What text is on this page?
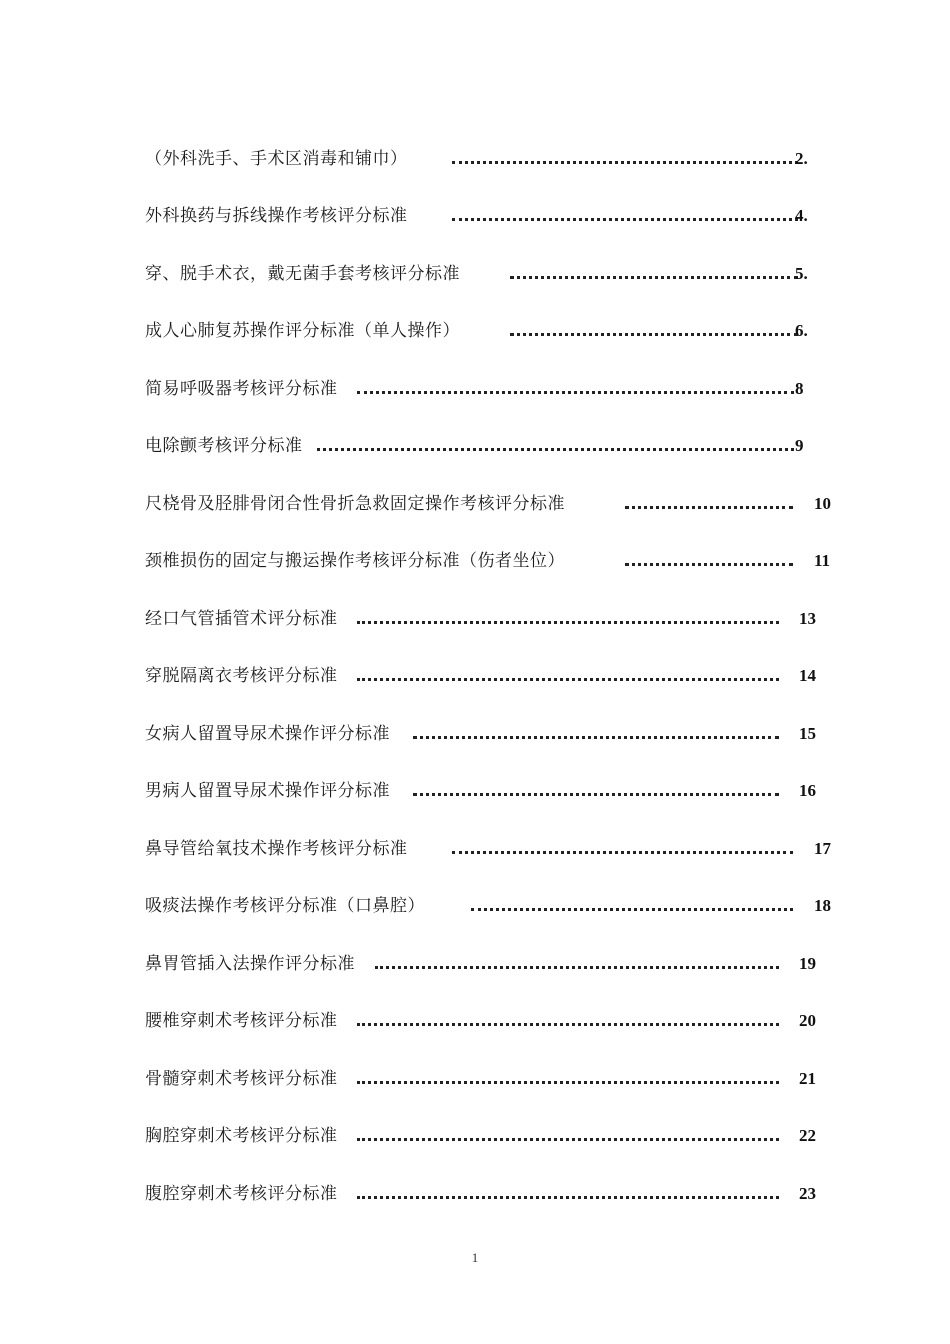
（外科洗手、手术区消毒和铺巾）	2.
外科换药与拆线操作考核评分标准	4.
穿、脱手术衣，戴无菌手套考核评分标准	5.
成人心肺复苏操作评分标准（单人操作）	6.
简易呼吸器考核评分标准	8
电除颤考核评分标准	9
尺桡骨及胫腓骨闭合性骨折急救固定操作考核评分标准	10
颈椎损伤的固定与搬运操作考核评分标准（伤者坐位）	11
经口气管插管术评分标准	13
穿脱隔离衣考核评分标准	14
女病人留置导尿术操作评分标准	15
男病人留置导尿术操作评分标准	16
鼻导管给氧技术操作考核评分标准	17
吸痰法操作考核评分标准（口鼻腔）	18
鼻胃管插入法操作评分标准	19
腰椎穿刺术考核评分标准	20
骨髓穿刺术考核评分标准	21
胸腔穿刺术考核评分标准	22
腹腔穿刺术考核评分标准	23
1
